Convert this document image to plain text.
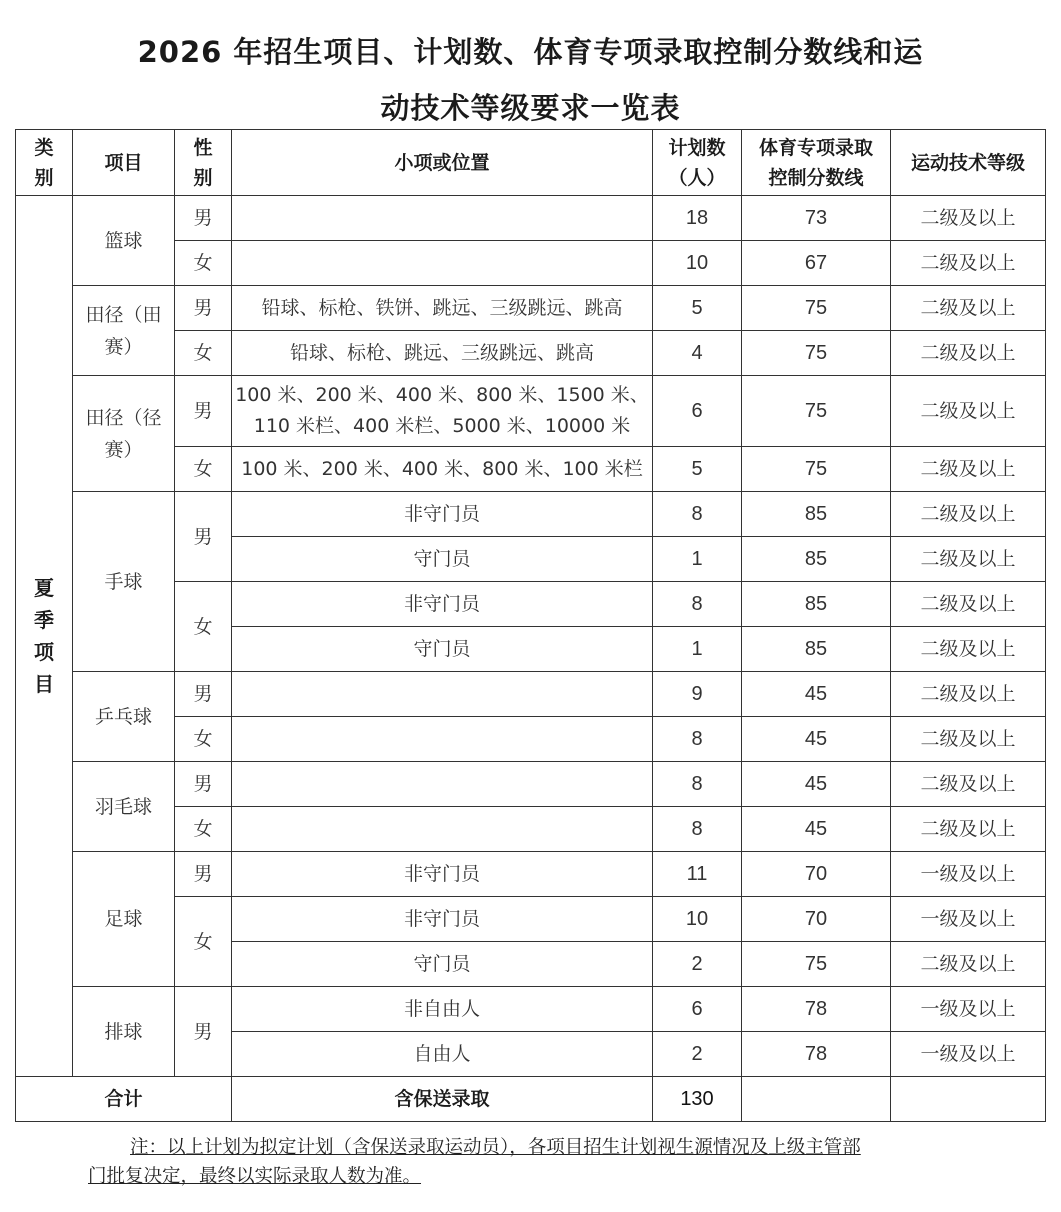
2026 年招生项目、计划数、体育专项录取控制分数线和运
动技术等级要求一览表
类别	项目	性别	小项或位置	计划数（人）	体育专项录取控制分数线	运动技术等级

夏季项目	篮球	男		18	73	二级及以上
		女		10	67	二级及以上

	田径（田赛）	男	铅球、标枪、铁饼、跳远、三级跳远、跳高	5	75	二级及以上
		女	铅球、标枪、跳远、三级跳远、跳高	4	75	二级及以上

	田径（径赛）	男	100 米、200 米、400 米、800 米、1500 米、
110 米栏、400 米栏、5000 米、10000 米	6	75	二级及以上
		女	100 米、200 米、400 米、800 米、100 米栏	5	75	二级及以上
	手球	男	非守门员	8	85	二级及以上
			守门员	1	85	二级及以上
		女	非守门员	8	85	二级及以上
			守门员	1	85	二级及以上
	乒乓球	男		9	45	二级及以上
		女		8	45	二级及以上
	羽毛球	男		8	45	二级及以上
		女		8	45	二级及以上
	足球	男	非守门员	11	70	一级及以上
		女	非守门员	10	70	一级及以上
			守门员	2	75	二级及以上
	排球	男	非自由人	6	78	一级及以上
			自由人	2	78	一级及以上
合计			含保送录取	130		
注：以上计划为拟定计划（含保送录取运动员），各项目招生计划视生源情况及上级主管部
门批复决定，最终以实际录取人数为准。
